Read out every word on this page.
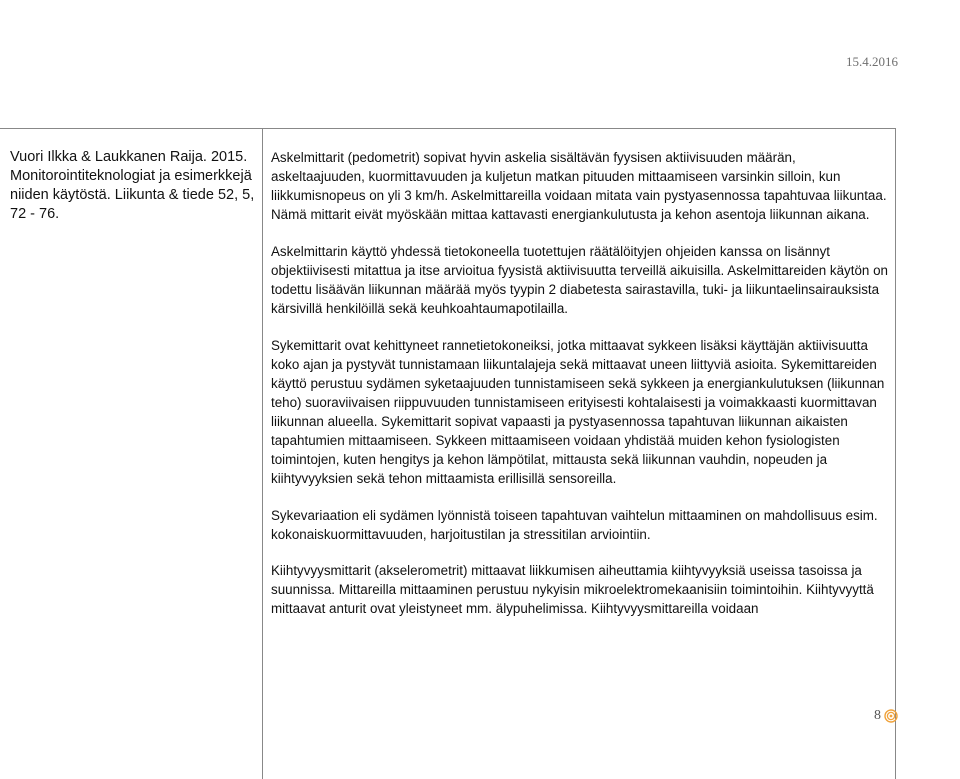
15.4.2016
Vuori Ilkka & Laukkanen Raija. 2015. Monitorointiteknologiat ja esimerkkejä niiden käytöstä. Liikunta & tiede 52, 5, 72 - 76.

Askelmittarit (pedometrit) sopivat hyvin askelia sisältävän fyysisen aktiivisuuden määrän, askeltaajuuden, kuormittavuuden ja kuljetun matkan pituuden mittaamiseen varsinkin silloin, kun liikkumisnopeus on yli 3 km/h. Askelmittareilla voidaan mitata vain pystyasennossa tapahtuvaa liikuntaa. Nämä mittarit eivät myöskään mittaa kattavasti energiankulutusta ja kehon asentoja liikunnan aikana.

Askelmittarin käyttö yhdessä tietokoneella tuotettujen räätälöityjen ohjeiden kanssa on lisännyt objektiivisesti mitattua ja itse arvioitua fyysistä aktiivisuutta terveillä aikuisilla. Askelmittareiden käytön on todettu lisäävän liikunnan määrää myös tyypin 2 diabetesta sairastavilla, tuki- ja liikuntaelinsairauksista kärsivillä henkilöillä sekä keuhkoahtaumapotilailla.

Sykemittarit ovat kehittyneet rannetietokoneiksi, jotka mittaavat sykkeen lisäksi käyttäjän aktiivisuutta koko ajan ja pystyvät tunnistamaan liikuntalajeja sekä mittaavat uneen liittyviä asioita. Sykemittareiden käyttö perustuu sydämen syketaajuuden tunnistamiseen sekä sykkeen ja energiankulutuksen (liikunnan teho) suoraviivaisen riippuvuuden tunnistamiseen erityisesti kohtalaisesti ja voimakkaasti kuormittavan liikunnan alueella. Sykemittarit sopivat vapaasti ja pystyasennossa tapahtuvan liikunnan aikaisten tapahtumien mittaamiseen. Sykkeen mittaamiseen voidaan yhdistää muiden kehon fysiologisten toimintojen, kuten hengitys ja kehon lämpötilat, mittausta sekä liikunnan vauhdin, nopeuden ja kiihtyvyyksien sekä tehon mittaamista erillisillä sensoreilla.

Sykevariaation eli sydämen lyönnistä toiseen tapahtuvan vaihtelun mittaaminen on mahdollisuus esim. kokonaiskuormittavuuden, harjoitustilan ja stressitilan arviointiin.

Kiihtyvyysmittarit (akselerometrit) mittaavat liikkumisen aiheuttamia kiihtyvyyksiä useissa tasoissa ja suunnissa. Mittareilla mittaaminen perustuu nykyisin mikroelektromekaanisiin toimintoihin. Kiihtyvyyttä mittaavat anturit ovat yleistyneet mm. älypuhelimissa. Kiihtyvyysmittareilla voidaan

8
